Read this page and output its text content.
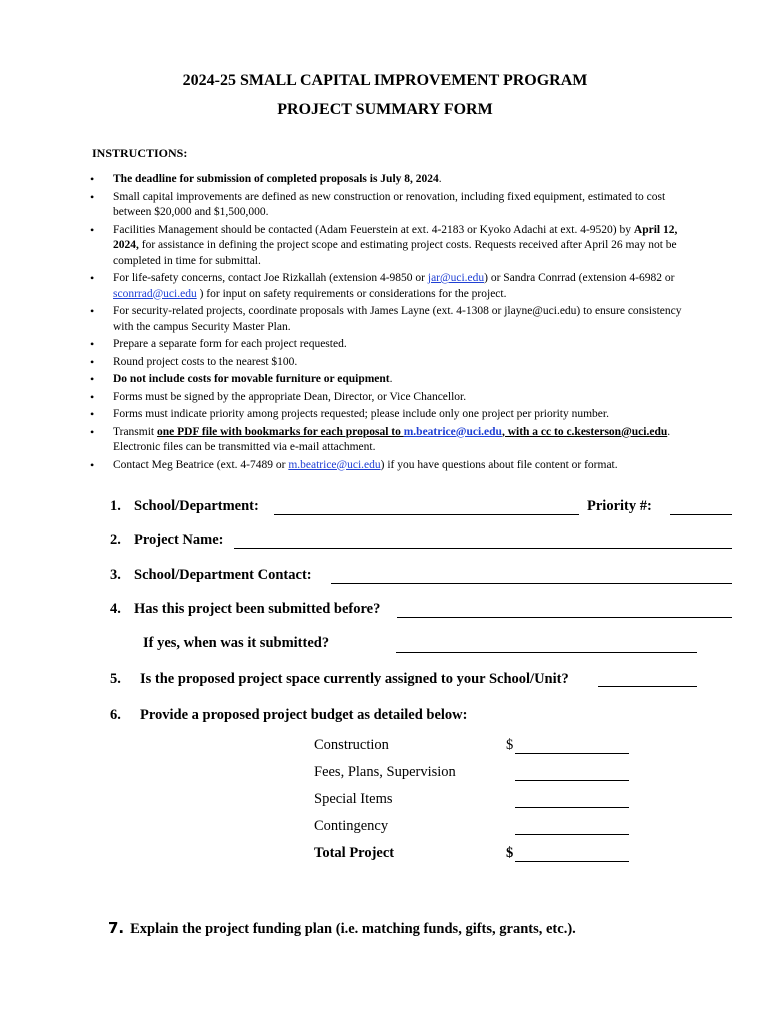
2024-25 SMALL CAPITAL IMPROVEMENT PROGRAM
PROJECT SUMMARY FORM
INSTRUCTIONS:
• The deadline for submission of completed proposals is July 8, 2024.
• Small capital improvements are defined as new construction or renovation, including fixed equipment, estimated to cost between $20,000 and $1,500,000.
• Facilities Management should be contacted (Adam Feuerstein at ext. 4-2183 or Kyoko Adachi at ext. 4-9520) by April 12, 2024, for assistance in defining the project scope and estimating project costs. Requests received after April 26 may not be completed in time for submittal.
• For life-safety concerns, contact Joe Rizkallah (extension 4-9850 or jar@uci.edu) or Sandra Conrrad (extension 4-6982 or sconrrad@uci.edu ) for input on safety requirements or considerations for the project.
• For security-related projects, coordinate proposals with James Layne (ext. 4-1308 or jlayne@uci.edu) to ensure consistency with the campus Security Master Plan.
• Prepare a separate form for each project requested.
• Round project costs to the nearest $100.
• Do not include costs for movable furniture or equipment.
• Forms must be signed by the appropriate Dean, Director, or Vice Chancellor.
• Forms must indicate priority among projects requested; please include only one project per priority number.
• Transmit one PDF file with bookmarks for each proposal to m.beatrice@uci.edu, with a cc to c.kesterson@uci.edu. Electronic files can be transmitted via e-mail attachment.
• Contact Meg Beatrice (ext. 4-7489 or m.beatrice@uci.edu) if you have questions about file content or format.
1. School/Department:	Priority #:
2. Project Name:
3. School/Department Contact:
4. Has this project been submitted before?
If yes, when was it submitted?
5. Is the proposed project space currently assigned to your School/Unit?
6. Provide a proposed project budget as detailed below:
Construction	$
Fees, Plans, Supervision
Special Items
Contingency
Total Project	$
7. Explain the project funding plan (i.e. matching funds, gifts, grants, etc.).
